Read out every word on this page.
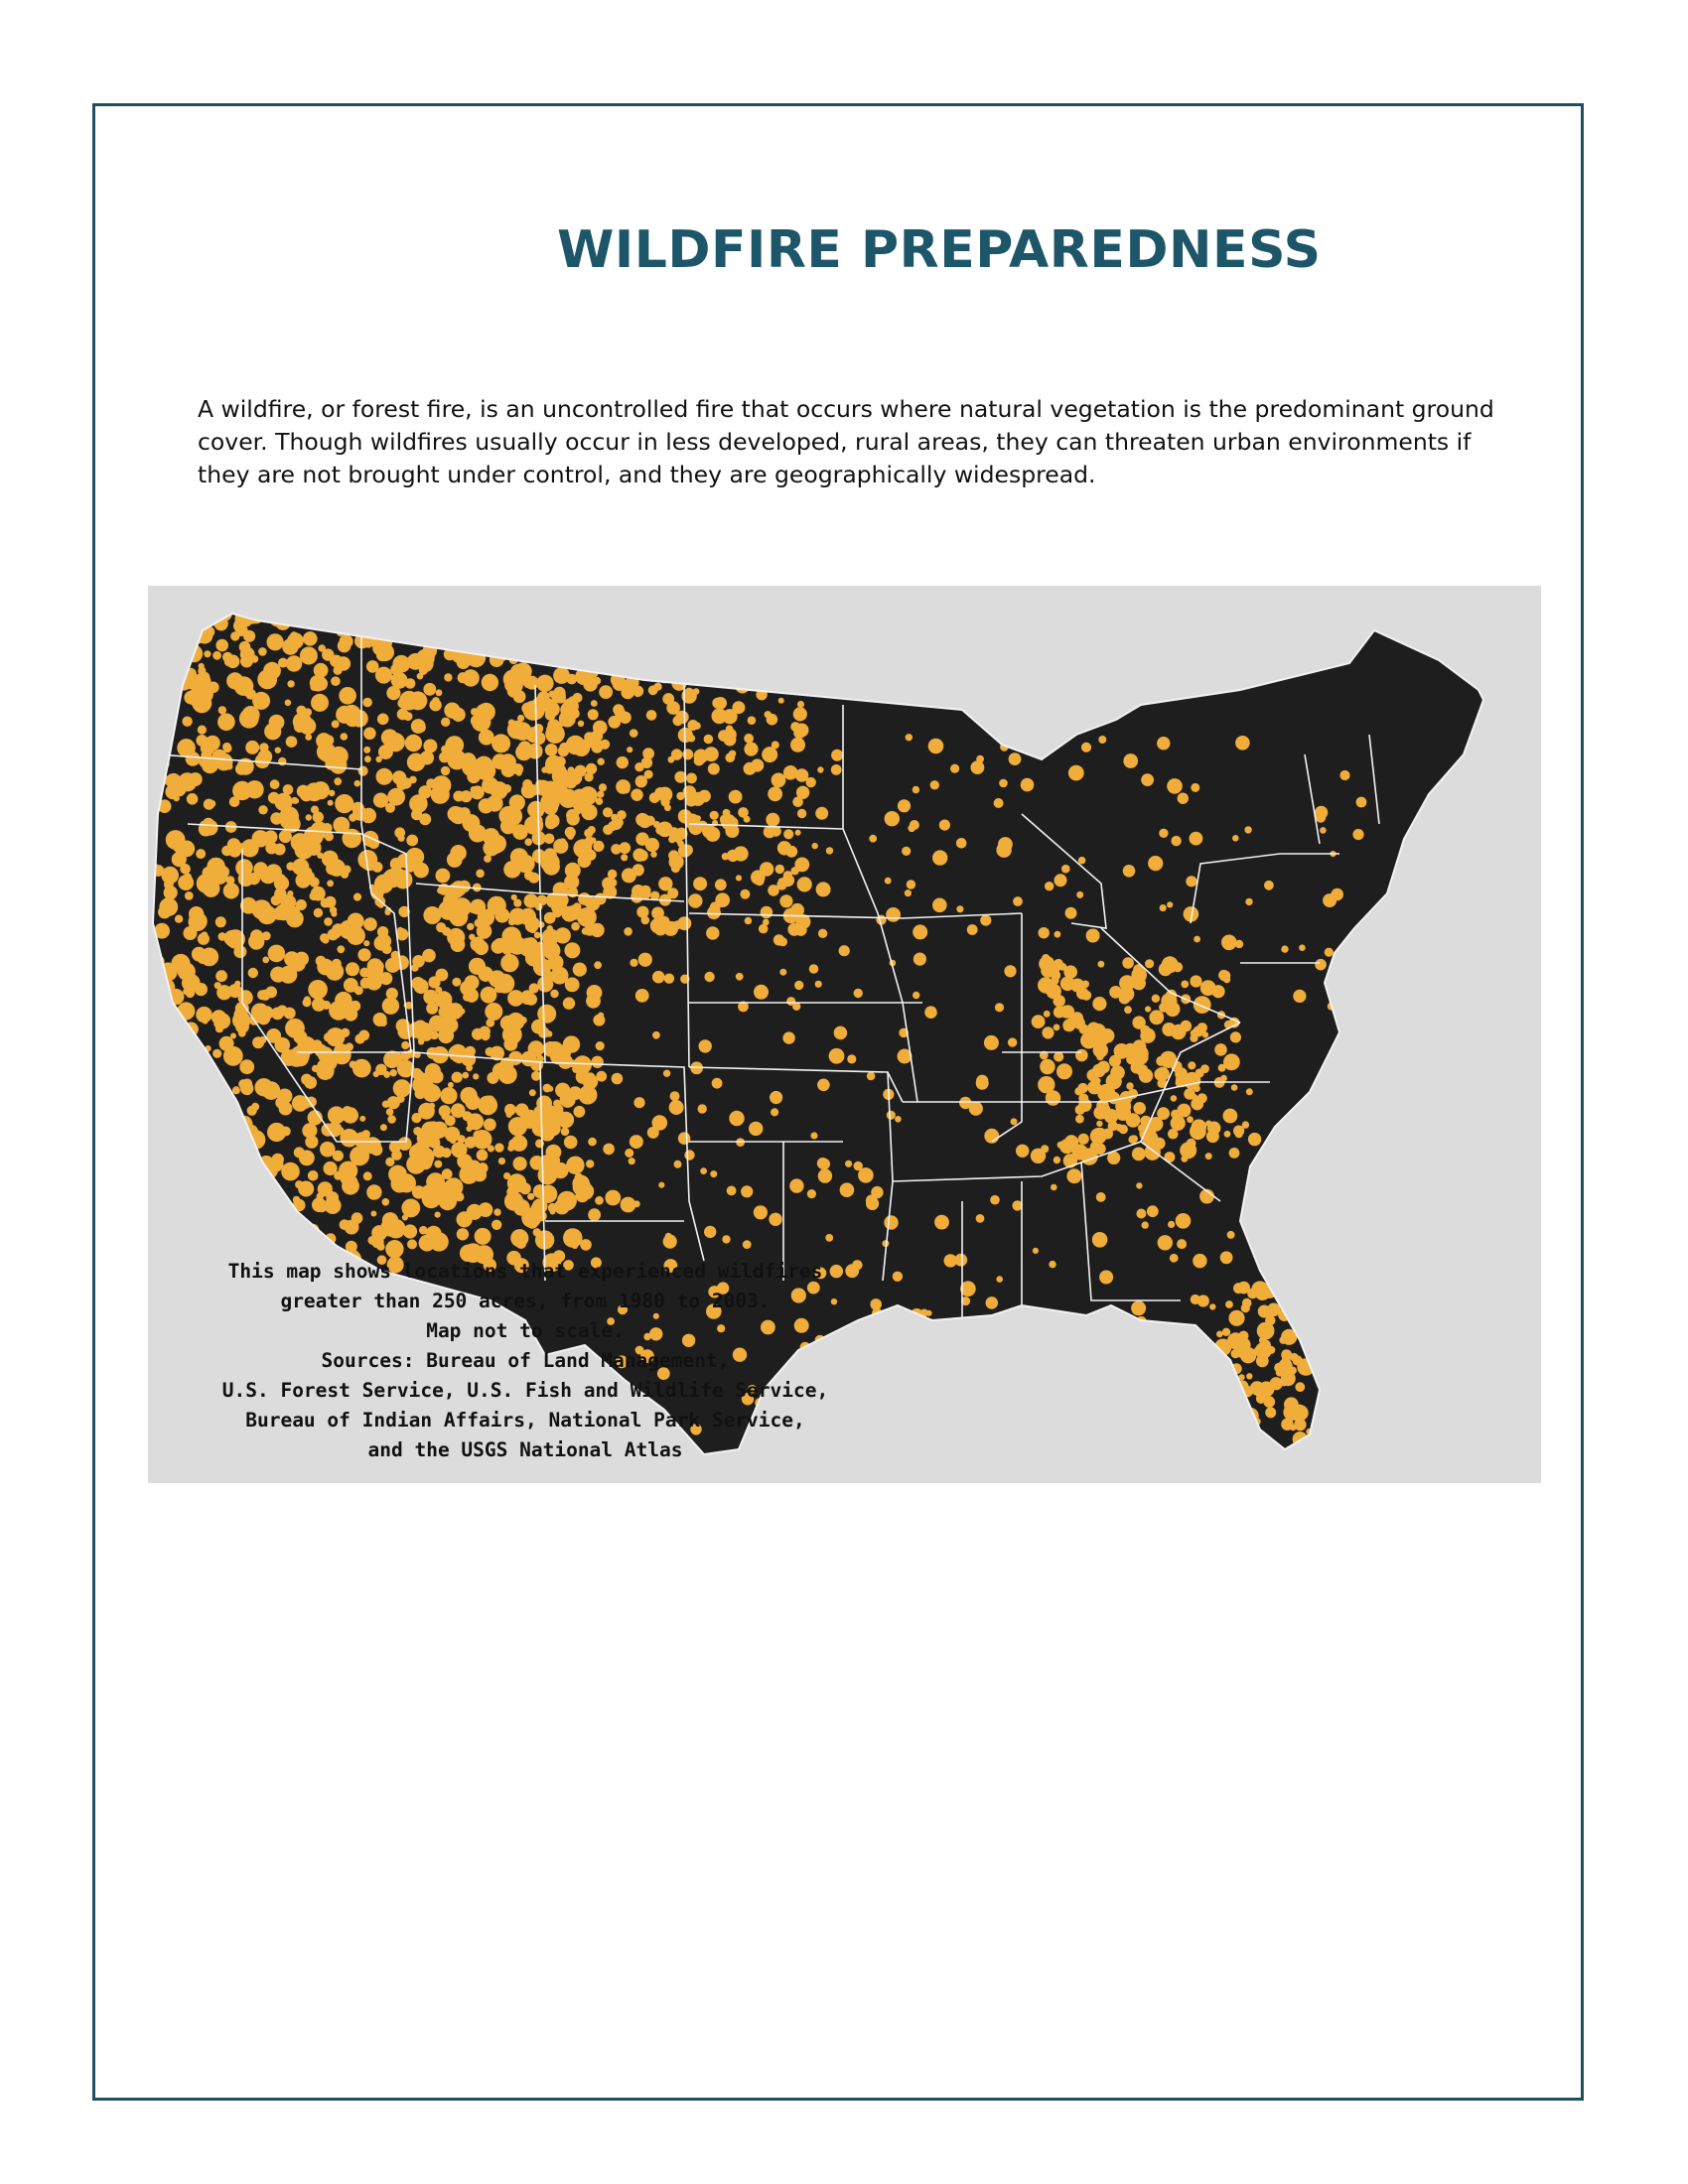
WILDFIRE PREPAREDNESS

A wildfire, or forest fire, is an uncontrolled fire that occurs where natural vegetation is the predominant ground cover. Though wildfires usually occur in less developed, rural areas, they can threaten urban environments if they are not brought under control, and they are geographically widespread.

This map shows locations that experienced wildfires
greater than 250 acres, from 1980 to 2003.
Map not to scale.
Sources: Bureau of Land Management,
U.S. Forest Service, U.S. Fish and Wildlife Service,
Bureau of Indian Affairs, National Park Service,
and the USGS National Atlas
